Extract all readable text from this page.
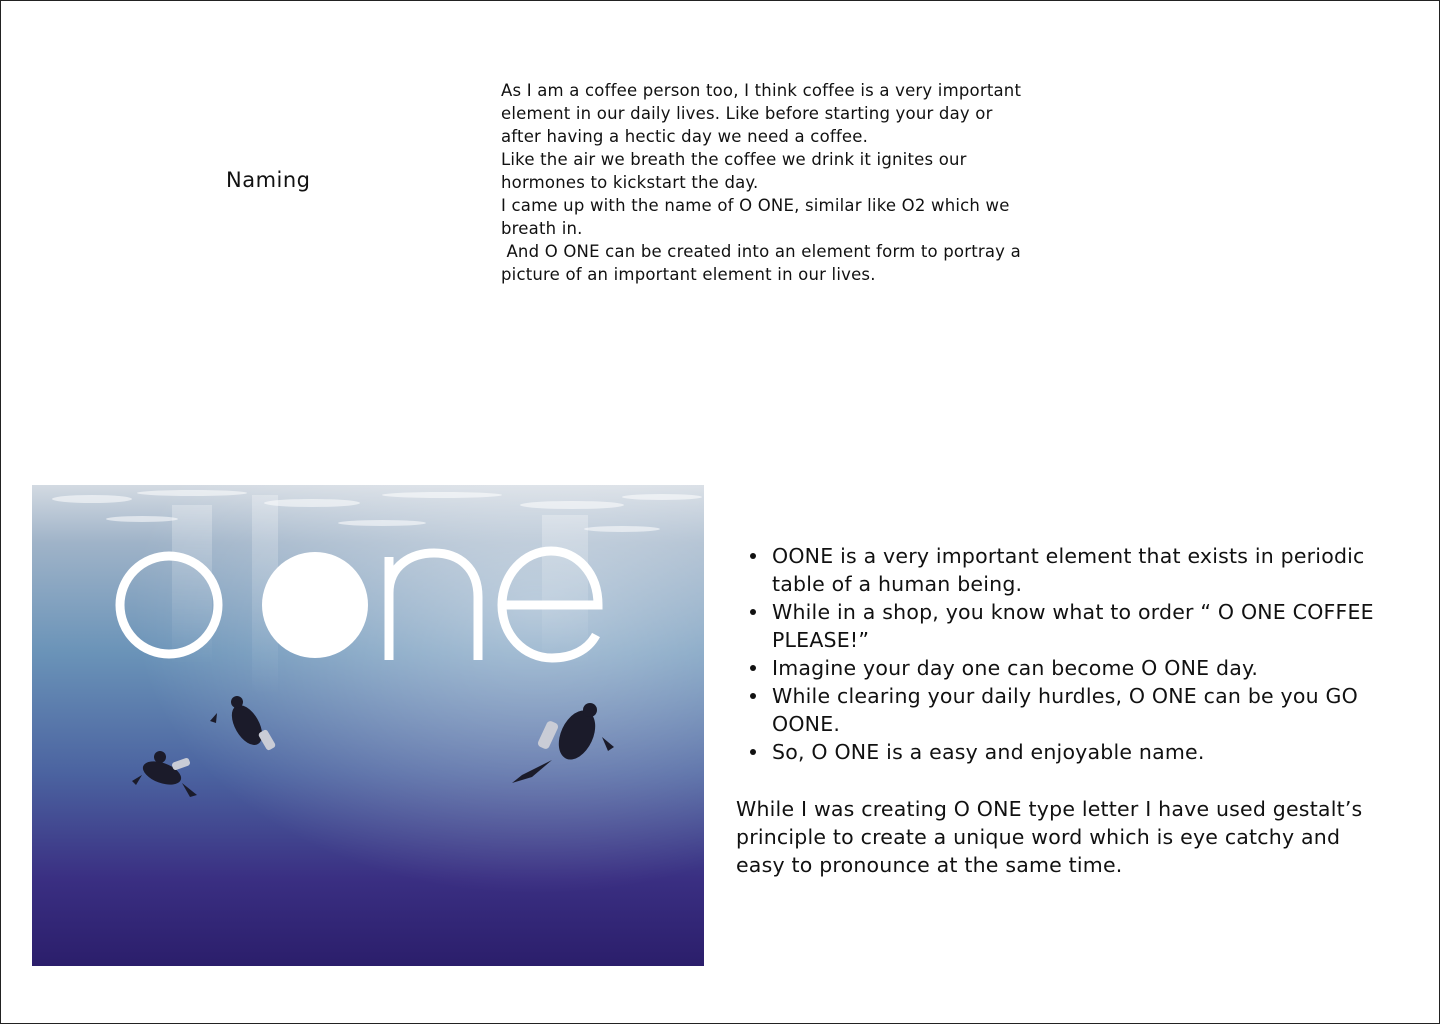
Naming
As I am a coffee person too, I think coffee is a very important
element in our daily lives. Like before starting your day or
after having a hectic day we need a coffee.
Like the air we breath the coffee we drink it ignites our
hormones to kickstart the day.
I came up with the name of O ONE, similar like O2 which we
breath in.
And O ONE can be created into an element form to portray a
picture of an important element in our lives.
OONE is a very important element that exists in periodic
table of a human being.
While in a shop, you know what to order “ O ONE COFFEE
PLEASE!”
Imagine your day one can become O ONE day.
While clearing your daily hurdles, O ONE can be you GO
OONE.
So, O ONE is a easy and enjoyable name.
While I was creating O ONE type letter I have used gestalt’s
principle to create a unique word which is eye catchy and
easy to pronounce at the same time.
